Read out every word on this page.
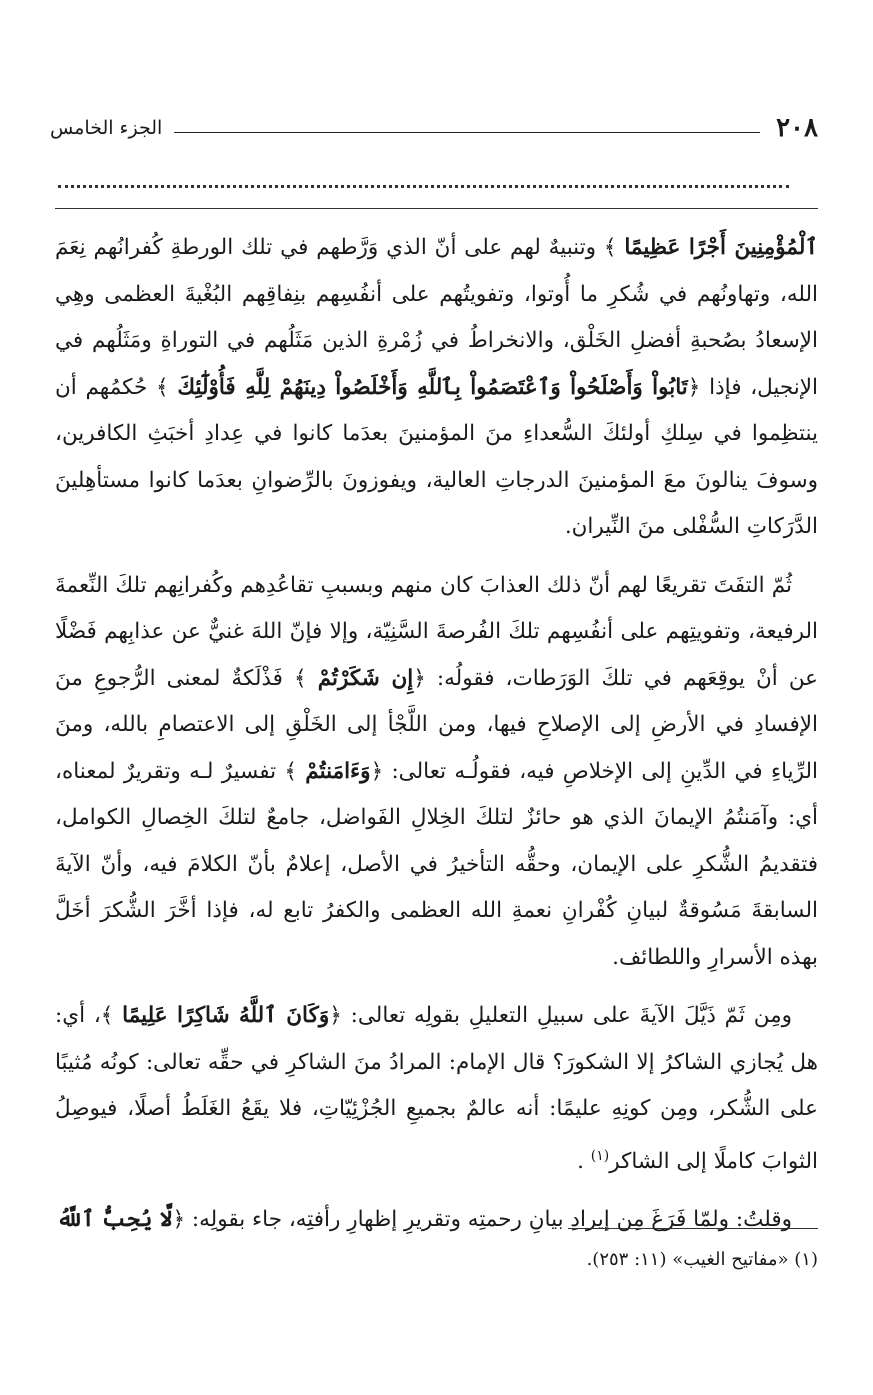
٢٠٨
الجزء الخامس

ٱلْمُؤْمِنِينَ أَجْرًا عَظِيمًا ﴾ وتنبيهٌ لهم على أنّ الذي وَرَّطهم في تلك الورطةِ كُفرانُهم نِعَمَ الله، وتهاونُهم في شُكرِ ما أُوتوا، وتفويتُهم على أنفُسِهم بنِفاقِهم البُغْيةَ العظمى وهِي الإسعادُ بصُحبةِ أفضلِ الخَلْق، والانخراطُ في زُمْرةِ الذين مَثَلُهم في التوراةِ ومَثَلُهم في الإنجيل، فإذا ﴿تَابُواْ وَأَصْلَحُواْ وَٱعْتَصَمُواْ بِٱللَّهِ وَأَخْلَصُواْ دِينَهُمْ لِلَّهِ فَأُوْلَٰٓئِكَ ﴾ حُكمُهم أن ينتظِموا في سِلكِ أولئكَ السُّعداءِ منَ المؤمنينَ بعدَما كانوا في عِدادِ أخبَثِ الكافرين، وسوفَ ينالونَ معَ المؤمنينَ الدرجاتِ العالية، ويفوزونَ بالرِّضوانِ بعدَما كانوا مستأهِلينَ الدَّرَكاتِ السُّفْلى منَ النِّيران.

ثُمّ التفَتَ تقريعًا لهم أنّ ذلك العذابَ كان منهم وبسببِ تقاعُدِهم وكُفرانِهم تلكَ النِّعمةَ الرفيعة، وتفويتِهم على أنفُسِهم تلكَ الفُرصةَ السَّنِيّة، وإلا فإنّ اللهَ غنيٌّ عن عذابِهم فَضْلًا عن أنْ يوقِعَهم في تلكَ الوَرَطات، فقولُه: ﴿إِن شَكَرْتُمْ ﴾ فَذْلَكةٌ لمعنى الرُّجوعِ منَ الإفسادِ في الأرضِ إلى الإصلاحِ فيها، ومن اللَّجْأ إلى الخَلْقِ إلى الاعتصامِ بالله، ومنَ الرِّياءِ في الدِّينِ إلى الإخلاصِ فيه، فقولُـه تعالى: ﴿وَءَامَنتُمْ ﴾ تفسيرٌ لـه وتقريرٌ لمعناه، أي: وآمَنتُمُ الإيمانَ الذي هو حائزٌ لتلكَ الخِلالِ الفَواضل، جامعٌ لتلكَ الخِصالِ الكوامل، فتقديمُ الشُّكرِ على الإيمان، وحقُّه التأخيرُ في الأصل، إعلامٌ بأنّ الكلامَ فيه، وأنّ الآيةَ السابقةَ مَسُوقةٌ لبيانِ كُفْرانِ نعمةِ الله العظمى والكفرُ تابع له، فإذا أخَّرَ الشُّكرَ أخَلَّ بهذه الأسرارِ واللطائف.

ومِن ثَمّ ذَيَّلَ الآيةَ على سبيلِ التعليلِ بقولِه تعالى: ﴿وَكَانَ ٱللَّهُ شَاكِرًا عَلِيمًا ﴾، أي: هل يُجازي الشاكرُ إلا الشكورَ؟ قال الإمام: المرادُ منَ الشاكرِ في حقِّه تعالى: كونُه مُثيبًا على الشُّكر، ومِن كونِهِ عليمًا: أنه عالمٌ بجميعِ الجُزْئِيّاتِ، فلا يقَعُ الغَلَطُ أصلًا، فيوصِلُ الثوابَ كاملًا إلى الشاكر$^{(١)}$ .

وقلتُ: ولمّا فَرَغَ مِن إيرادِ بيانِ رحمتِه وتقريرِ إظهارِ رأفتِه، جاء بقولِه: ﴿لَّا يُحِبُّ ٱللَّهُ

(١) «مفاتيح الغيب» (١١: ٢٥٣).
